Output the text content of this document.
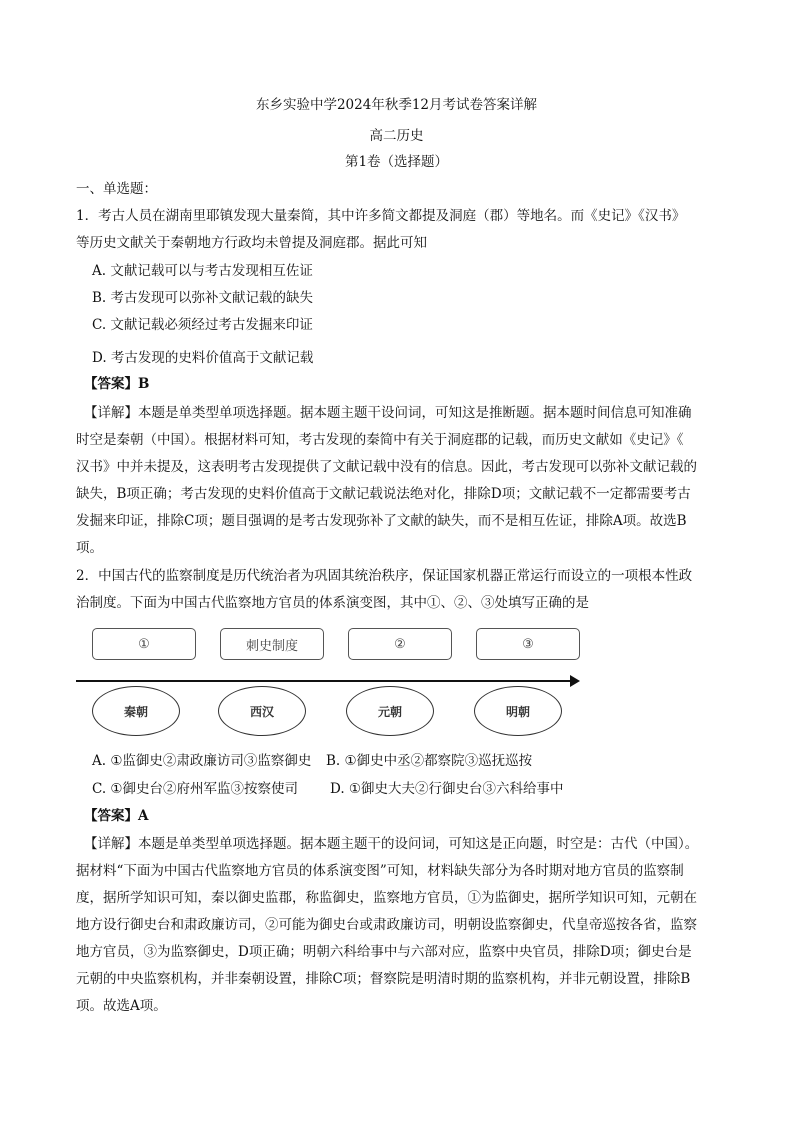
东乡实验中学2024年秋季12月考试卷答案详解
高二历史
第1卷（选择题）
一、单选题：
1．考古人员在湖南里耶镇发现大量秦简，其中许多简文都提及洞庭（郡）等地名。而《史记》《汉书》
等历史文献关于秦朝地方行政均未曾提及洞庭郡。据此可知
A. 文献记载可以与考古发现相互佐证
B. 考古发现可以弥补文献记载的缺失
C. 文献记载必须经过考古发掘来印证
D. 考古发现的史料价值高于文献记载
【答案】B
【详解】本题是单类型单项选择题。据本题主题干设问词，可知这是推断题。据本题时间信息可知准确
时空是秦朝（中国）。根据材料可知，考古发现的秦简中有关于洞庭郡的记载，而历史文献如《史记》《
汉书》中并未提及，这表明考古发现提供了文献记载中没有的信息。因此，考古发现可以弥补文献记载的
缺失，B项正确；考古发现的史料价值高于文献记载说法绝对化，排除D项；文献记载不一定都需要考古
发掘来印证，排除C项；题目强调的是考古发现弥补了文献的缺失，而不是相互佐证，排除A项。故选B
项。
2．中国古代的监察制度是历代统治者为巩固其统治秩序，保证国家机器正常运行而设立的一项根本性政
治制度。下面为中国古代监察地方官员的体系演变图，其中①、②、③处填写正确的是
①	刺史制度	②	③
秦朝	西汉	元朝	明朝
A. ①监御史②肃政廉访司③监察御史 B. ①御史中丞②都察院③巡抚巡按
C. ①御史台②府州军监③按察使司 D. ①御史大夫②行御史台③六科给事中
【答案】A
【详解】本题是单类型单项选择题。据本题主题干的设问词，可知这是正向题，时空是：古代（中国）。
据材料“下面为中国古代监察地方官员的体系演变图”可知，材料缺失部分为各时期对地方官员的监察制
度，据所学知识可知，秦以御史监郡，称监御史，监察地方官员，①为监御史，据所学知识可知，元朝在
地方设行御史台和肃政廉访司，②可能为御史台或肃政廉访司，明朝设监察御史，代皇帝巡按各省，监察
地方官员，③为监察御史，D项正确；明朝六科给事中与六部对应，监察中央官员，排除D项；御史台是
元朝的中央监察机构，并非秦朝设置，排除C项；督察院是明清时期的监察机构，并非元朝设置，排除B
项。故选A项。
